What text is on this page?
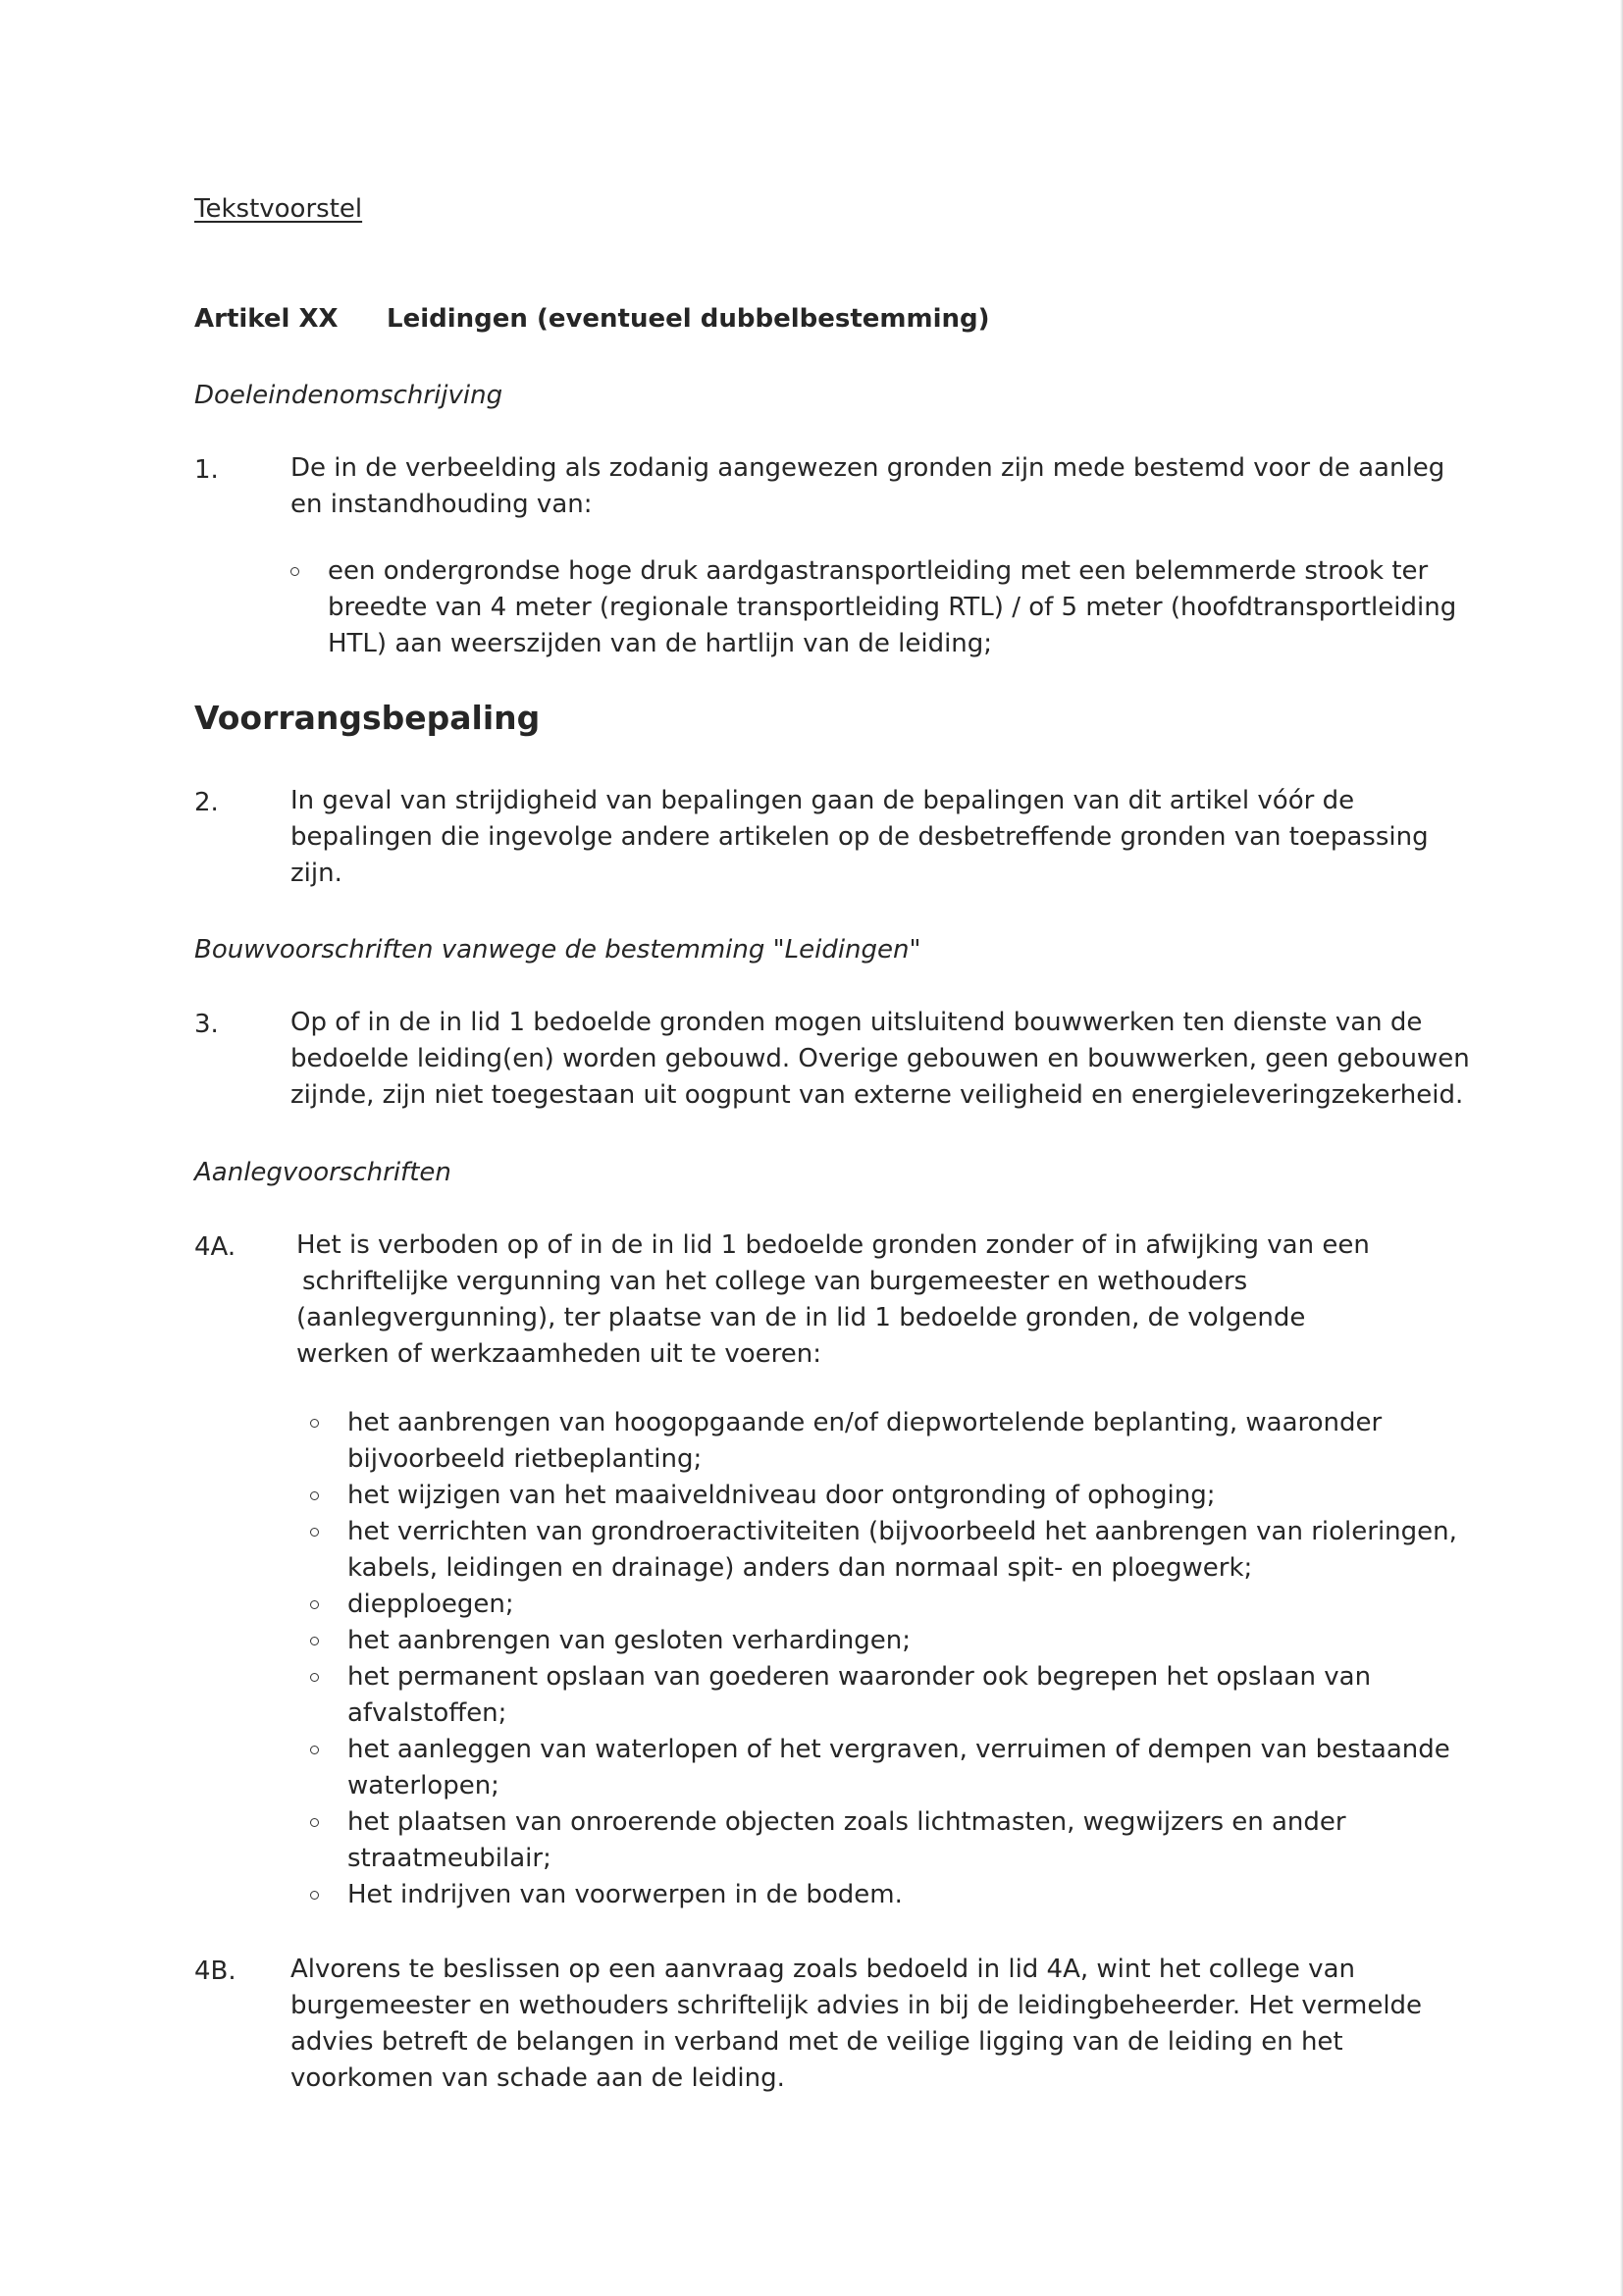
Tekstvoorstel
Artikel XX Leidingen (eventueel dubbelbestemming)
Doeleindenomschrijving
1.	De in de verbeelding als zodanig aangewezen gronden zijn mede bestemd voor de aanleg
en instandhouding van:
een ondergrondse hoge druk aardgastransportleiding met een belemmerde strook ter
breedte van 4 meter (regionale transportleiding RTL) / of 5 meter (hoofdtransportleiding
HTL) aan weerszijden van de hartlijn van de leiding;
Voorrangsbepaling
2.	In geval van strijdigheid van bepalingen gaan de bepalingen van dit artikel vóór de
bepalingen die ingevolge andere artikelen op de desbetreffende gronden van toepassing
zijn.
Bouwvoorschriften vanwege de bestemming "Leidingen"
3.	Op of in de in lid 1 bedoelde gronden mogen uitsluitend bouwwerken ten dienste van de
bedoelde leiding(en) worden gebouwd. Overige gebouwen en bouwwerken, geen gebouwen
zijnde, zijn niet toegestaan uit oogpunt van externe veiligheid en energieleveringzekerheid.
Aanlegvoorschriften
4A. Het is verboden op of in de in lid 1 bedoelde gronden zonder of in afwijking van een
schriftelijke vergunning van het college van burgemeester en wethouders
(aanlegvergunning), ter plaatse van de in lid 1 bedoelde gronden, de volgende
werken of werkzaamheden uit te voeren:
het aanbrengen van hoogopgaande en/of diepwortelende beplanting, waaronder
bijvoorbeeld rietbeplanting;
het wijzigen van het maaiveldniveau door ontgronding of ophoging;
het verrichten van grondroeractiviteiten (bijvoorbeeld het aanbrengen van rioleringen,
kabels, leidingen en drainage) anders dan normaal spit- en ploegwerk;
diepploegen;
het aanbrengen van gesloten verhardingen;
het permanent opslaan van goederen waaronder ook begrepen het opslaan van
afvalstoffen;
het aanleggen van waterlopen of het vergraven, verruimen of dempen van bestaande
waterlopen;
het plaatsen van onroerende objecten zoals lichtmasten, wegwijzers en ander
straatmeubilair;
Het indrijven van voorwerpen in de bodem.
4B. Alvorens te beslissen op een aanvraag zoals bedoeld in lid 4A, wint het college van
burgemeester en wethouders schriftelijk advies in bij de leidingbeheerder. Het vermelde
advies betreft de belangen in verband met de veilige ligging van de leiding en het
voorkomen van schade aan de leiding.
